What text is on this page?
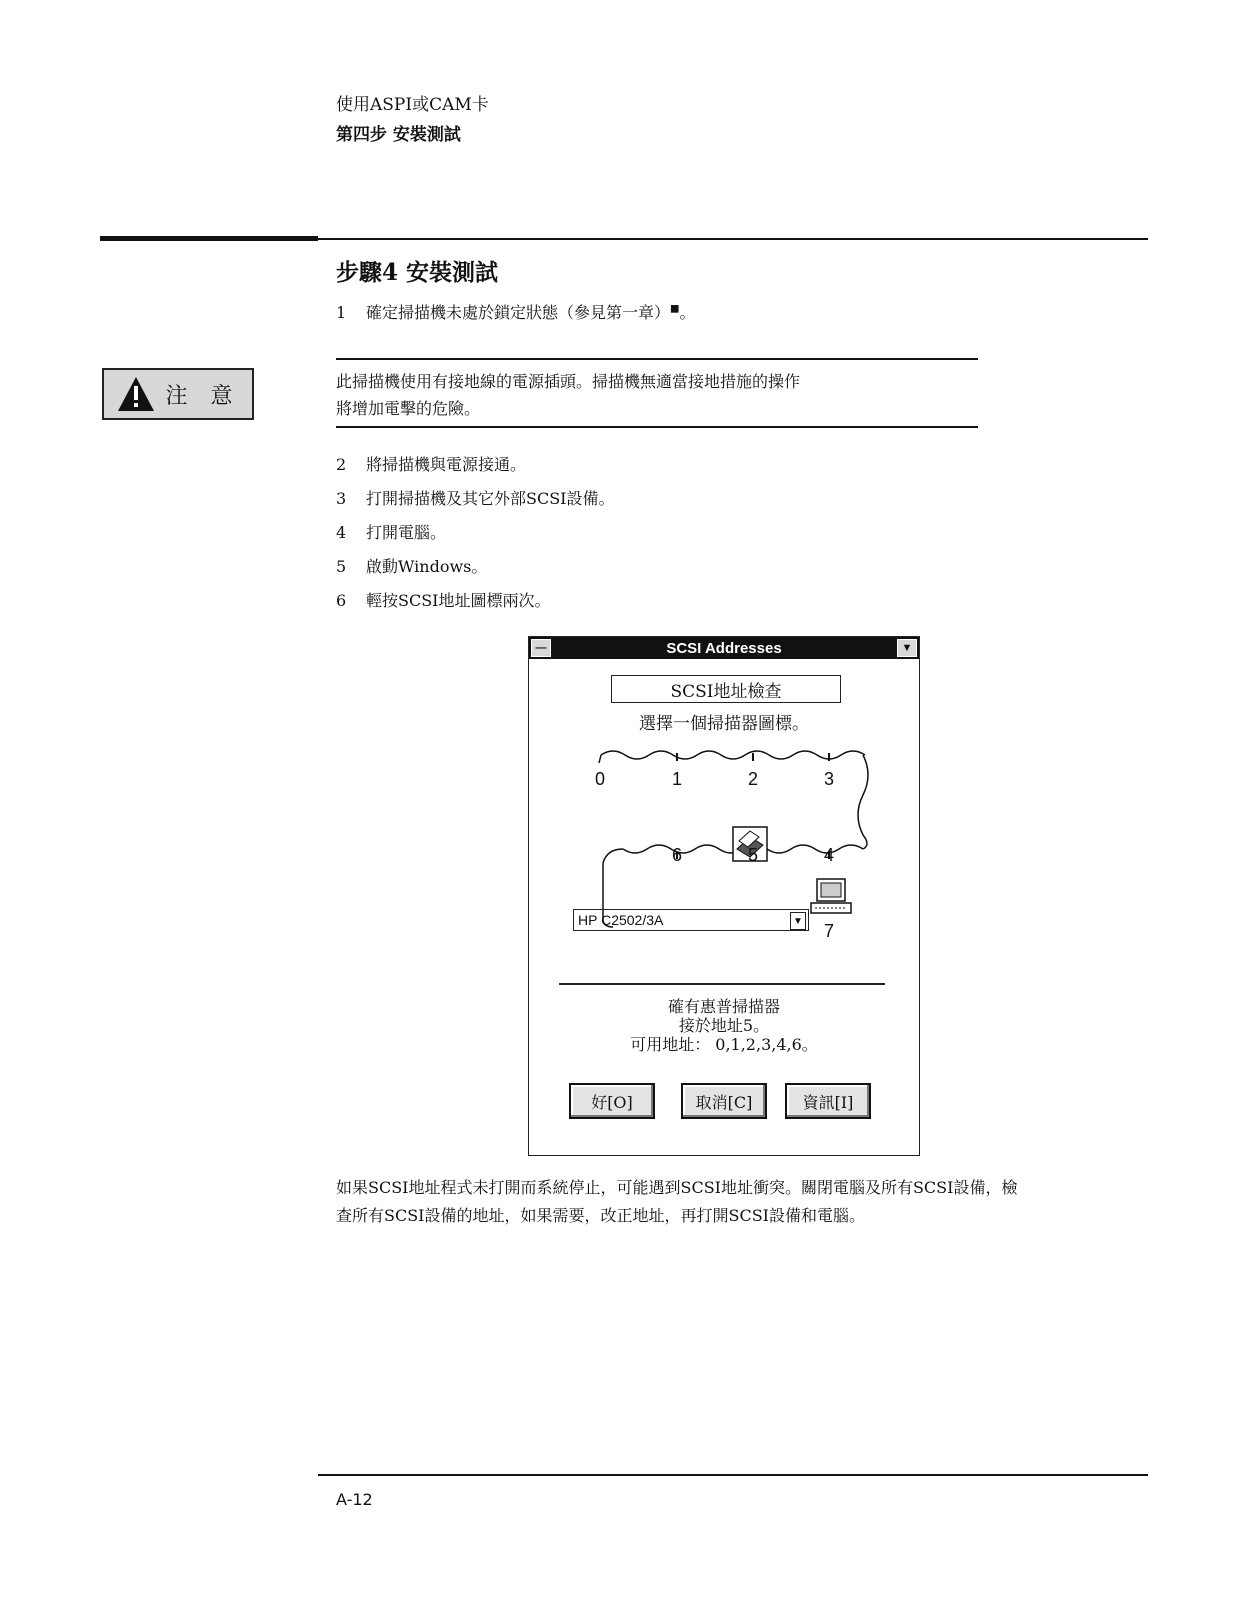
使用ASPI或CAM卡
第四步 安裝測試
步驟4 安裝測試
1 確定掃描機未處於鎖定狀態（參見第一章）■。
注 意
此掃描機使用有接地線的電源插頭。掃描機無適當接地措施的操作
將增加電擊的危險。
2 將掃描機與電源接通。
3 打開掃描機及其它外部SCSI設備。
4 打開電腦。
5 啟動Windows。
6 輕按SCSI地址圖標兩次。
—	SCSI Addresses	▼
SCSI地址檢查
選擇一個掃描器圖標。
0	1	2	3
6	5	4
HP C2502/3A	▼ 7
確有惠普掃描器
接於地址5。
可用地址： 0,1,2,3,4,6。
好[O]	取消[C]	資訊[I]
如果SCSI地址程式未打開而系統停止，可能遇到SCSI地址衝突。關閉電腦及所有SCSI設備，檢
查所有SCSI設備的地址，如果需要，改正地址，再打開SCSI設備和電腦。
A-12
